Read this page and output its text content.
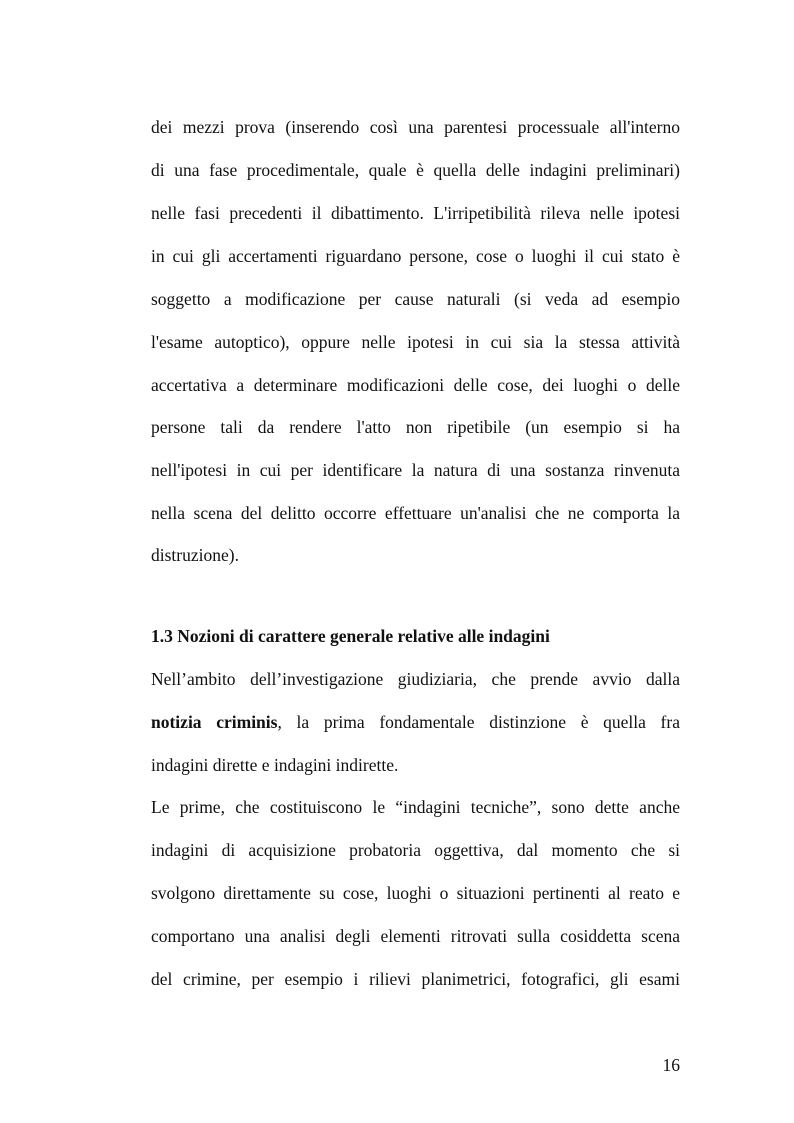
dei mezzi prova (inserendo così una parentesi processuale all'interno
di una fase procedimentale, quale è quella delle indagini preliminari)
nelle fasi precedenti il dibattimento. L'irripetibilità rileva nelle ipotesi
in cui gli accertamenti riguardano persone, cose o luoghi il cui stato è
soggetto a modificazione per cause naturali (si veda ad esempio
l'esame autoptico), oppure nelle ipotesi in cui sia la stessa attività
accertativa a determinare modificazioni delle cose, dei luoghi o delle
persone tali da rendere l'atto non ripetibile (un esempio si ha
nell'ipotesi in cui per identificare la natura di una sostanza rinvenuta
nella scena del delitto occorre effettuare un'analisi che ne comporta la
distruzione).
1.3 Nozioni di carattere generale relative alle indagini
Nell’ambito dell’investigazione giudiziaria, che prende avvio dalla
notizia criminis, la prima fondamentale distinzione è quella fra
indagini dirette e indagini indirette.
Le prime, che costituiscono le “indagini tecniche”, sono dette anche
indagini di acquisizione probatoria oggettiva, dal momento che si
svolgono direttamente su cose, luoghi o situazioni pertinenti al reato e
comportano una analisi degli elementi ritrovati sulla cosiddetta scena
del crimine, per esempio i rilievi planimetrici, fotografici, gli esami
16
